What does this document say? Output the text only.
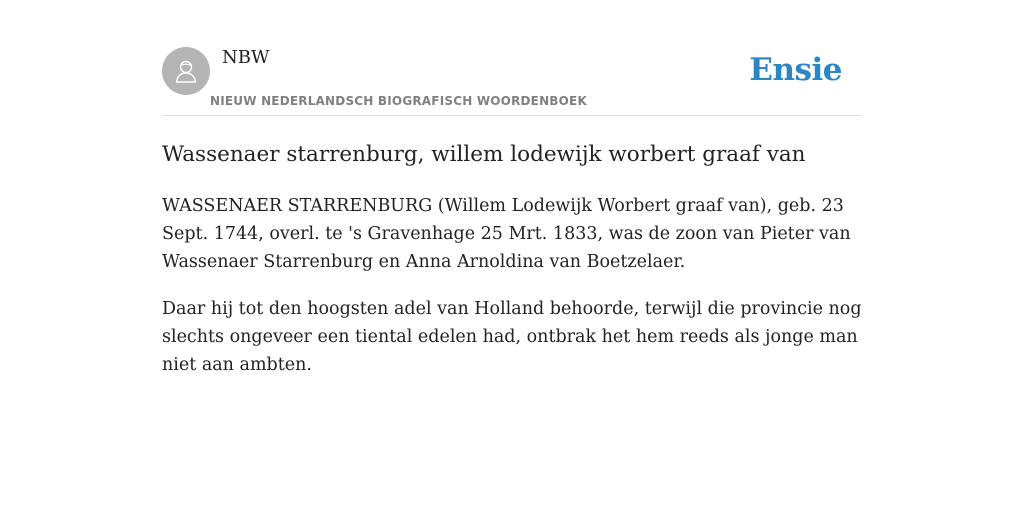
NBW
NIEUW NEDERLANDSCH BIOGRAFISCH WOORDENBOEK
Ensie
Wassenaer starrenburg, willem lodewijk worbert graaf van

WASSENAER STARRENBURG (Willem Lodewijk Worbert graaf van), geb. 23 Sept. 1744, overl. te 's Gravenhage 25 Mrt. 1833, was de zoon van Pieter van Wassenaer Starrenburg en Anna Arnoldina van Boetzelaer.

Daar hij tot den hoogsten adel van Holland behoorde, terwijl die provincie nog slechts ongeveer een tiental edelen had, ontbrak het hem reeds als jonge man niet aan ambten.
